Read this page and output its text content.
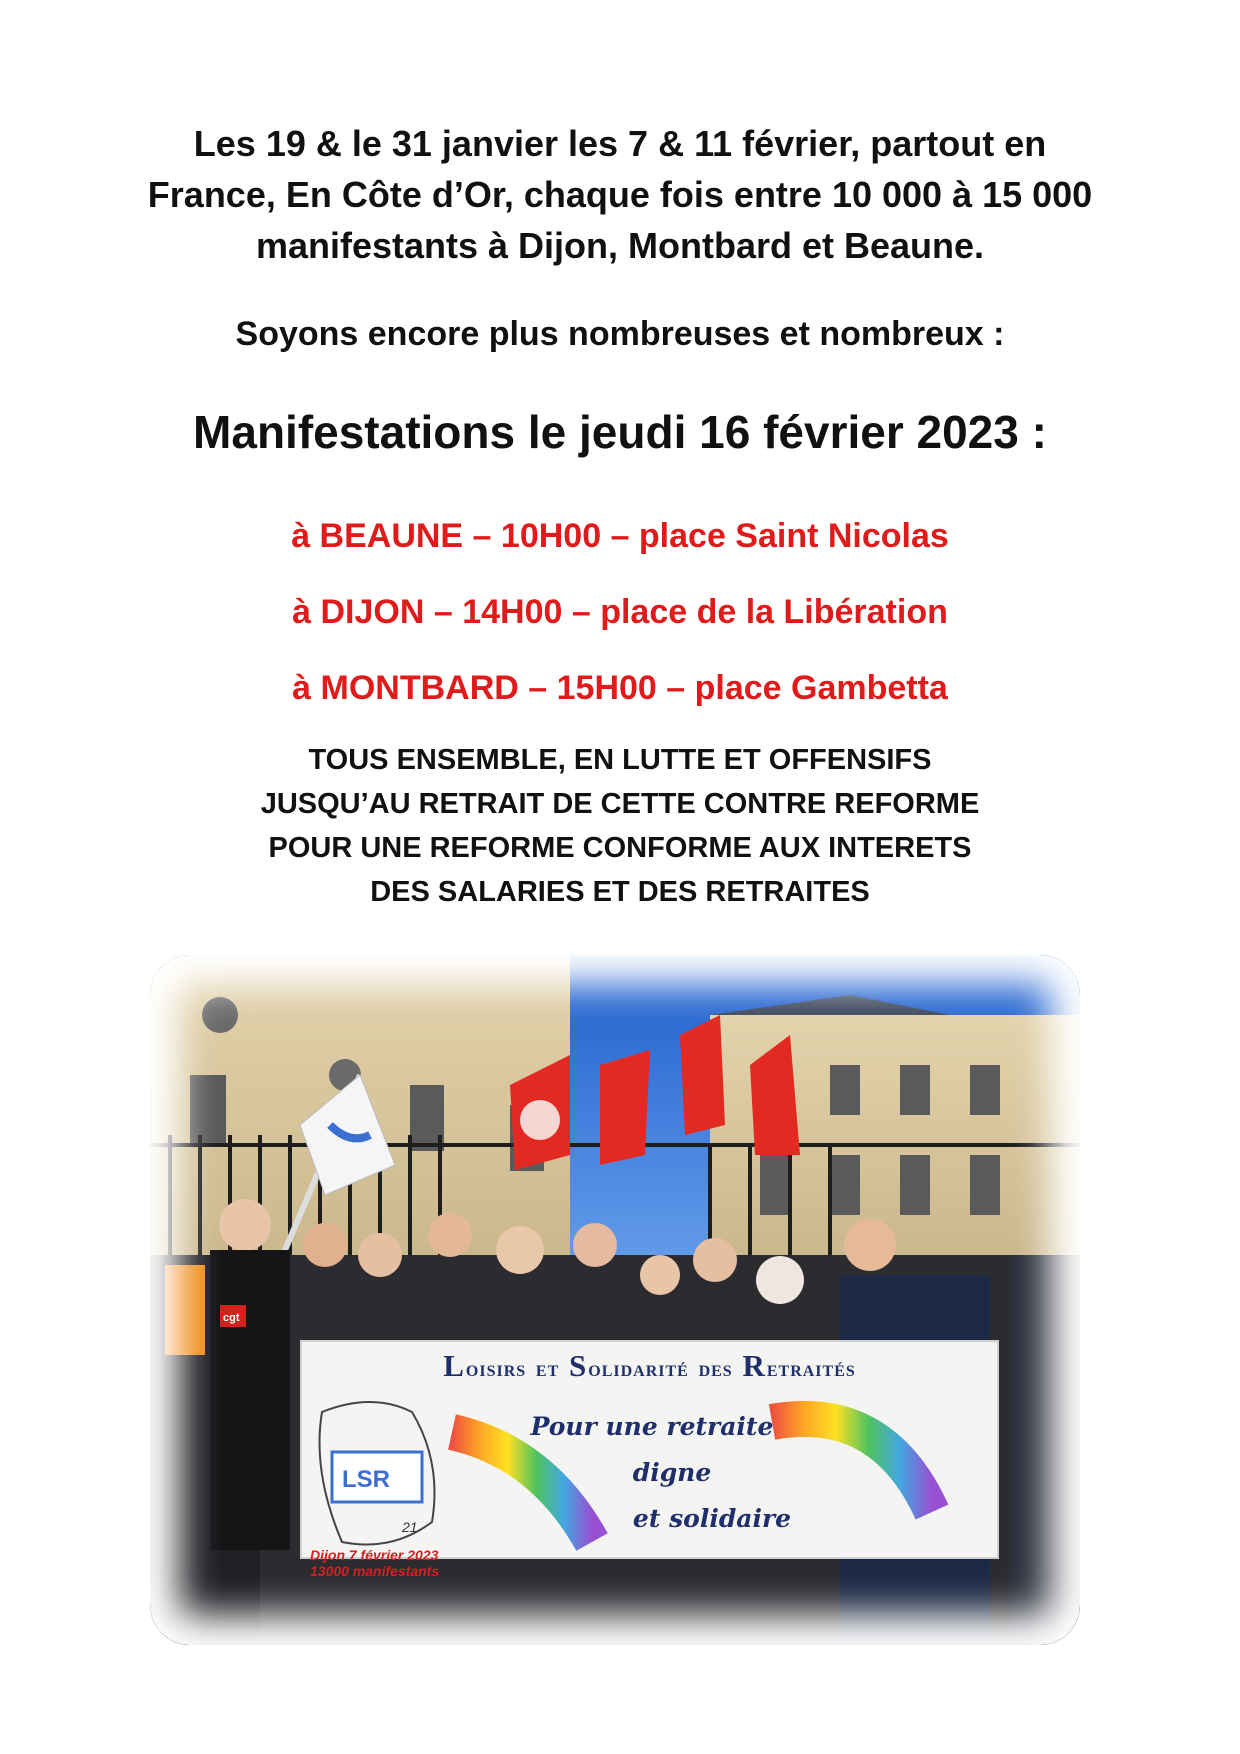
Les 19 & le 31 janvier les 7 & 11 février, partout en
France, En Côte d’Or, chaque fois entre 10 000 à 15 000
manifestants à Dijon, Montbard et Beaune.

Soyons encore plus nombreuses et nombreux :

Manifestations le jeudi 16 février 2023 :
à BEAUNE – 10H00 – place Saint Nicolas
à DIJON – 14H00 – place de la Libération
à MONTBARD – 15H00 – place Gambetta

TOUS ENSEMBLE, EN LUTTE ET OFFENSIFS
JUSQU’AU RETRAIT DE CETTE CONTRE REFORME
POUR UNE REFORME CONFORME AUX INTERETS
DES SALARIES ET DES RETRAITES

cgt

LOISIRS ET SOLIDARITÉ DES RETRAITÉS

LSR
21

Pour une retraite
digne
et solidaire

Dijon 7 février 2023
13000 manifestants
